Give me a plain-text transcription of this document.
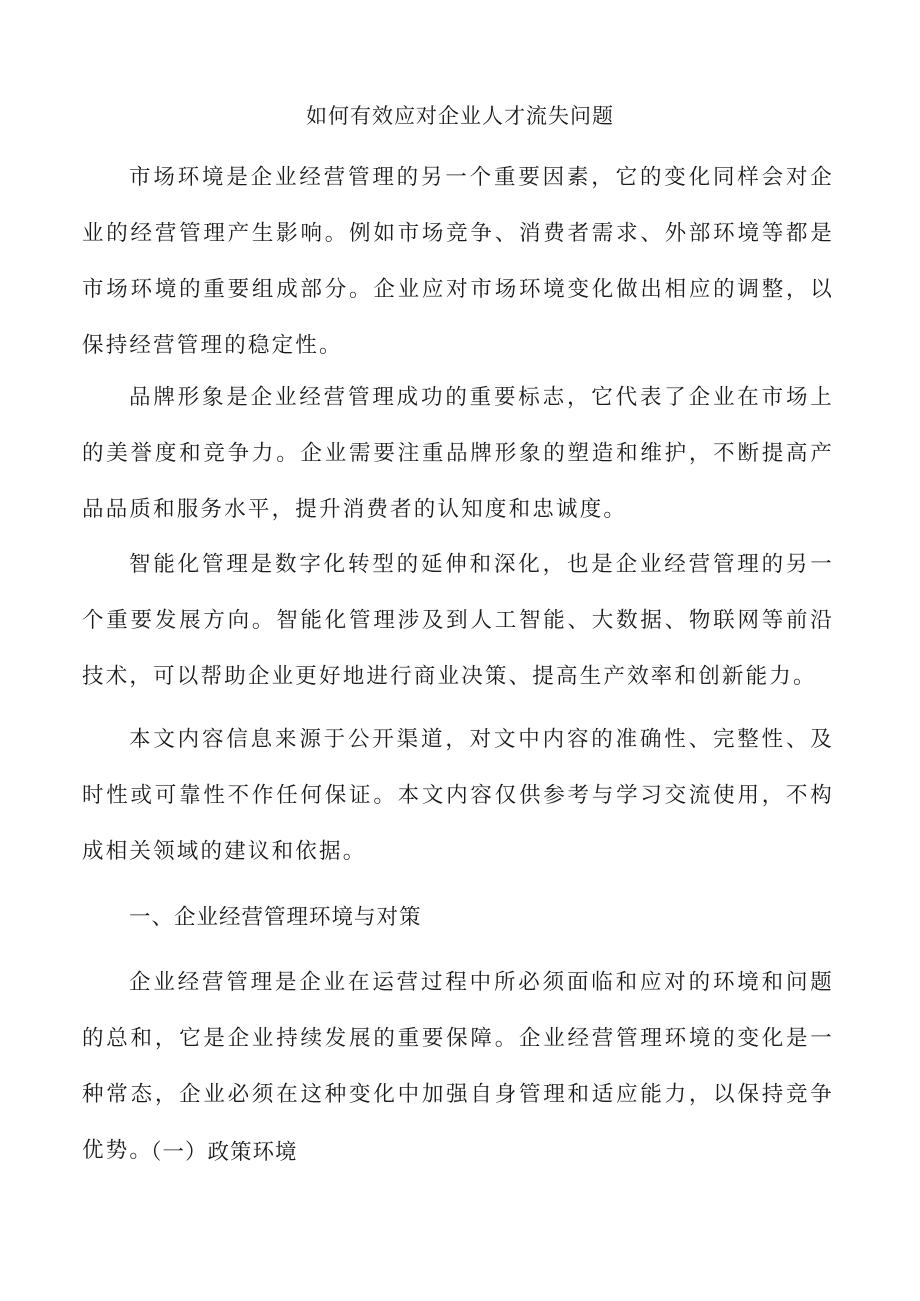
如何有效应对企业人才流失问题

市场环境是企业经营管理的另一个重要因素，它的变化同样会对企业的经营管理产生影响。例如市场竞争、消费者需求、外部环境等都是市场环境的重要组成部分。企业应对市场环境变化做出相应的调整，以保持经营管理的稳定性。

品牌形象是企业经营管理成功的重要标志，它代表了企业在市场上的美誉度和竞争力。企业需要注重品牌形象的塑造和维护，不断提高产品品质和服务水平，提升消费者的认知度和忠诚度。

智能化管理是数字化转型的延伸和深化，也是企业经营管理的另一个重要发展方向。智能化管理涉及到人工智能、大数据、物联网等前沿技术，可以帮助企业更好地进行商业决策、提高生产效率和创新能力。

本文内容信息来源于公开渠道，对文中内容的准确性、完整性、及时性或可靠性不作任何保证。本文内容仅供参考与学习交流使用，不构成相关领域的建议和依据。

一、企业经营管理环境与对策

企业经营管理是企业在运营过程中所必须面临和应对的环境和问题的总和，它是企业持续发展的重要保障。企业经营管理环境的变化是一种常态，企业必须在这种变化中加强自身管理和适应能力，以保持竞争优势。

（一）政策环境
